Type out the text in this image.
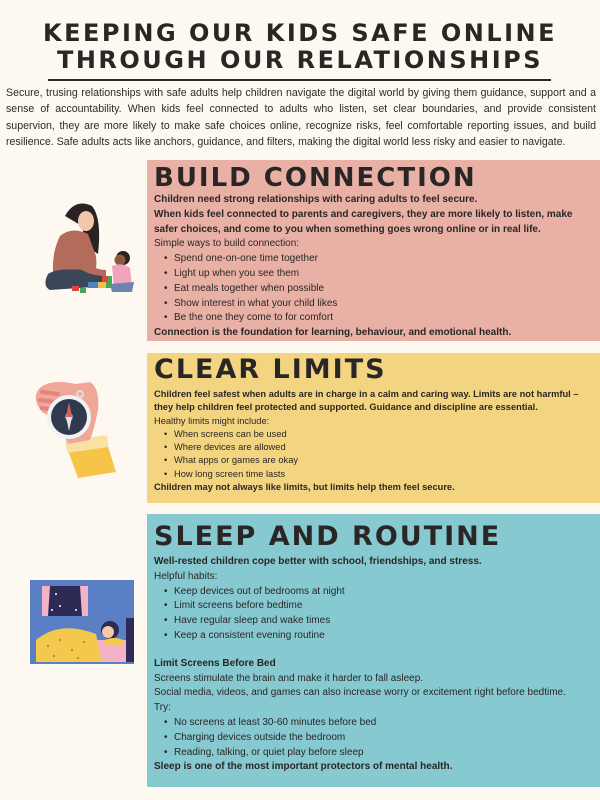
KEEPING OUR KIDS SAFE ONLINE
THROUGH OUR RELATIONSHIPS

Secure, trusing relationships with safe adults help children navigate the digital world by giving them guidance, support and a sense of accountability. When kids feel connected to adults who listen, set clear boundaries, and provide consistent supervion, they are more likely to make safe choices online, recognize risks, feel comfortable reporting issues, and build resilience. Safe adults acts like anchors, guidance, and filters, making the digital world less risky and easier to navigate.

BUILD CONNECTION

Children need strong relationships with caring adults to feel secure.

When kids feel connected to parents and caregivers, they are more likely to listen, make safer choices, and come to you when something goes wrong online or in real life.

Simple ways to build connection:

• Spend one-on-one time together
• Light up when you see them
• Eat meals together when possible
• Show interest in what your child likes
• Be the one they come to for comfort

Connection is the foundation for learning, behaviour, and emotional health.

CLEAR LIMITS

Children feel safest when adults are in charge in a calm and caring way. Limits are not harmful – they help children feel protected and supported. Guidance and discipline are essential.

Healthy limits might include:

• When screens can be used
• Where devices are allowed
• What apps or games are okay
• How long screen time lasts

Children may not always like limits, but limits help them feel secure.

SLEEP AND ROUTINE

Well-rested children cope better with school, friendships, and stress.

Helpful habits:

• Keep devices out of bedrooms at night
• Limit screens before bedtime
• Have regular sleep and wake times
• Keep a consistent evening routine

Limit Screens Before Bed

Screens stimulate the brain and make it harder to fall asleep.

Social media, videos, and games can also increase worry or excitement right before bedtime.

Try:

• No screens at least 30-60 minutes before bed
• Charging devices outside the bedroom
• Reading, talking, or quiet play before sleep

Sleep is one of the most important protectors of mental health.
